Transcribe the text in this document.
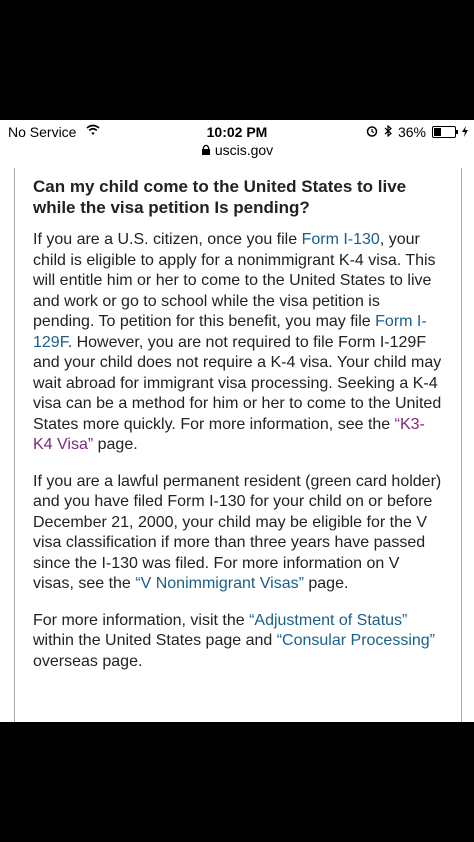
No Service	10:02 PM	36%
uscis.gov
Can my child come to the United States to live while the visa petition Is pending?

If you are a U.S. citizen, once you file Form I-130, your child is eligible to apply for a nonimmigrant K-4 visa. This will entitle him or her to come to the United States to live and work or go to school while the visa petition is pending. To petition for this benefit, you may file Form I-129F. However, you are not required to file Form I-129F and your child does not require a K-4 visa. Your child may wait abroad for immigrant visa processing. Seeking a K-4 visa can be a method for him or her to come to the United States more quickly. For more information, see the “K3-K4 Visa” page.

If you are a lawful permanent resident (green card holder) and you have filed Form I-130 for your child on or before December 21, 2000, your child may be eligible for the V visa classification if more than three years have passed since the I-130 was filed. For more information on V visas, see the “V Nonimmigrant Visas” page.

For more information, visit the “Adjustment of Status” within the United States page and “Consular Processing” overseas page.
